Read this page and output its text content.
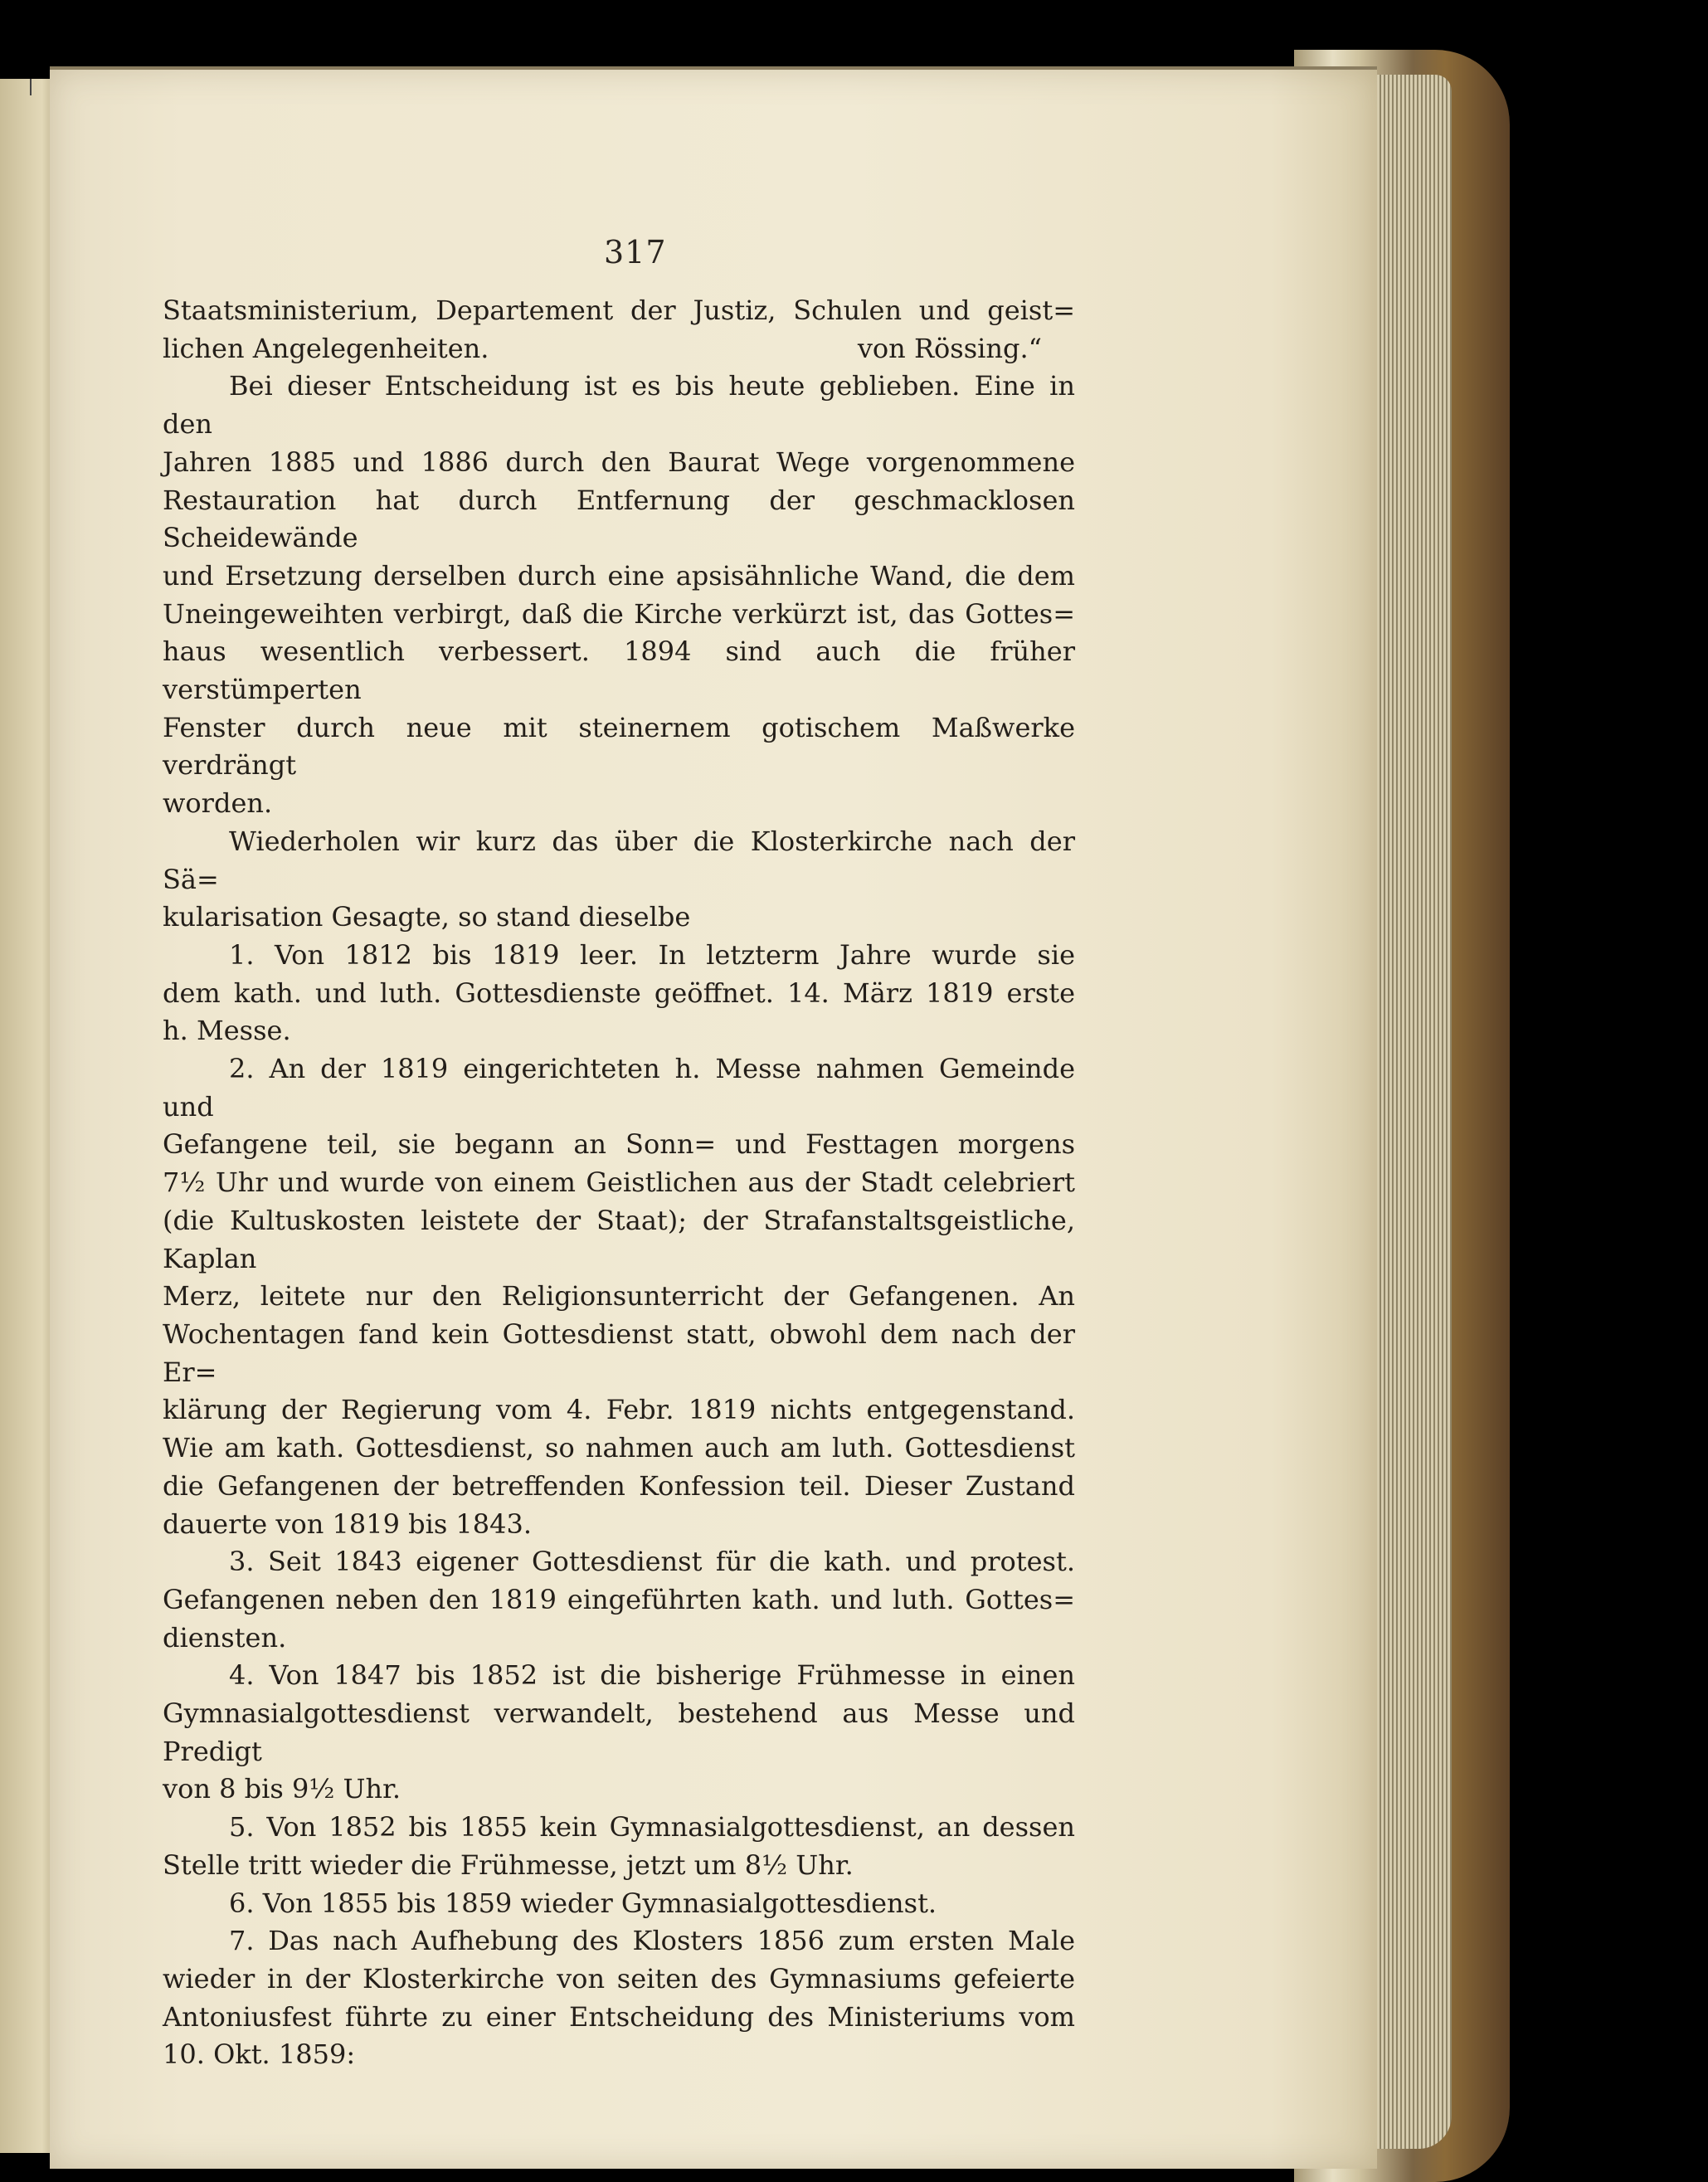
317

Staatsministerium, Departement der Justiz, Schulen und geist=

lichen Angelegenheiten.	von Rössing.“

Bei dieser Entscheidung ist es bis heute geblieben. Eine in den

Jahren 1885 und 1886 durch den Baurat Wege vorgenommene

Restauration hat durch Entfernung der geschmacklosen Scheidewände

und Ersetzung derselben durch eine apsisähnliche Wand, die dem

Uneingeweihten verbirgt, daß die Kirche verkürzt ist, das Gottes=

haus wesentlich verbessert. 1894 sind auch die früher verstümperten

Fenster durch neue mit steinernem gotischem Maßwerke verdrängt

worden.

Wiederholen wir kurz das über die Klosterkirche nach der Sä=

kularisation Gesagte, so stand dieselbe

1. Von 1812 bis 1819 leer. In letzterm Jahre wurde sie

dem kath. und luth. Gottesdienste geöffnet. 14. März 1819 erste

h. Messe.

2. An der 1819 eingerichteten h. Messe nahmen Gemeinde und

Gefangene teil, sie begann an Sonn= und Festtagen morgens

7½ Uhr und wurde von einem Geistlichen aus der Stadt celebriert

(die Kultuskosten leistete der Staat); der Strafanstaltsgeistliche, Kaplan

Merz, leitete nur den Religionsunterricht der Gefangenen. An

Wochentagen fand kein Gottesdienst statt, obwohl dem nach der Er=

klärung der Regierung vom 4. Febr. 1819 nichts entgegenstand.

Wie am kath. Gottesdienst, so nahmen auch am luth. Gottesdienst

die Gefangenen der betreffenden Konfession teil. Dieser Zustand

dauerte von 1819 bis 1843.

3. Seit 1843 eigener Gottesdienst für die kath. und protest.

Gefangenen neben den 1819 eingeführten kath. und luth. Gottes=

diensten.

4. Von 1847 bis 1852 ist die bisherige Frühmesse in einen

Gymnasialgottesdienst verwandelt, bestehend aus Messe und Predigt

von 8 bis 9½ Uhr.

5. Von 1852 bis 1855 kein Gymnasialgottesdienst, an dessen

Stelle tritt wieder die Frühmesse, jetzt um 8½ Uhr.

6. Von 1855 bis 1859 wieder Gymnasialgottesdienst.

7. Das nach Aufhebung des Klosters 1856 zum ersten Male

wieder in der Klosterkirche von seiten des Gymnasiums gefeierte

Antoniusfest führte zu einer Entscheidung des Ministeriums vom

10. Okt. 1859:
